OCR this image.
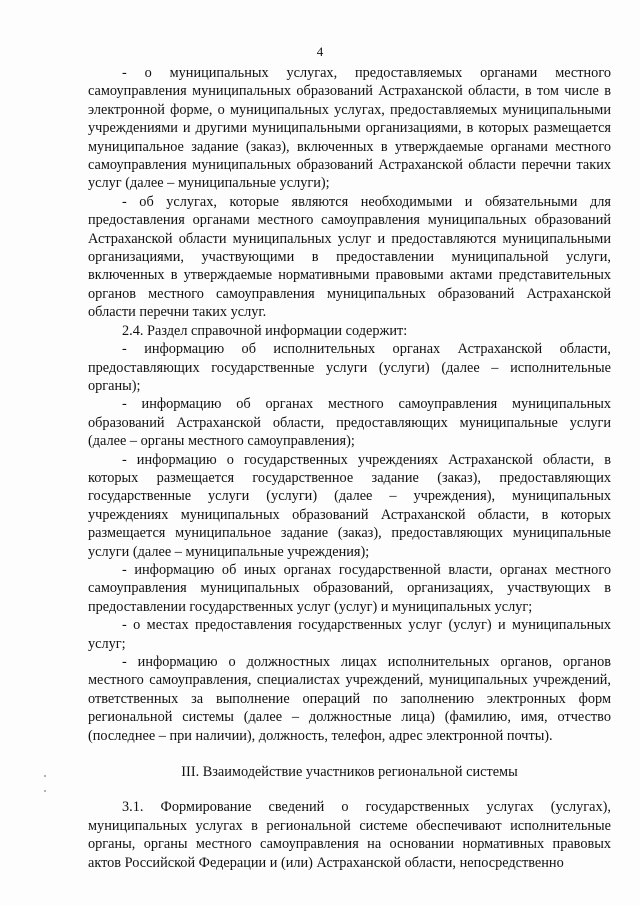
4

- о муниципальных услугах, предоставляемых органами местного самоуправления муниципальных образований Астраханской области, в том числе в электронной форме, о муниципальных услугах, предоставляемых муниципальными учреждениями и другими муниципальными организациями, в которых размещается муниципальное задание (заказ), включенных в утверждаемые органами местного самоуправления муниципальных образований Астраханской области перечни таких услуг (далее – муниципальные услуги);

- об услугах, которые являются необходимыми и обязательными для предоставления органами местного самоуправления муниципальных образований Астраханской области муниципальных услуг и предоставляются муниципальными организациями, участвующими в предоставлении муниципальной услуги, включенных в утверждаемые нормативными правовыми актами представительных органов местного самоуправления муниципальных образований Астраханской области перечни таких услуг.

2.4. Раздел справочной информации содержит:

- информацию об исполнительных органах Астраханской области, предоставляющих государственные услуги (услуги) (далее – исполнительные органы);

- информацию об органах местного самоуправления муниципальных образований Астраханской области, предоставляющих муниципальные услуги (далее – органы местного самоуправления);

- информацию о государственных учреждениях Астраханской области, в которых размещается государственное задание (заказ), предоставляющих государственные услуги (услуги) (далее – учреждения), муниципальных учреждениях муниципальных образований Астраханской области, в которых размещается муниципальное задание (заказ), предоставляющих муниципальные услуги (далее – муниципальные учреждения);

- информацию об иных органах государственной власти, органах местного самоуправления муниципальных образований, организациях, участвующих в предоставлении государственных услуг (услуг) и муниципальных услуг;

- о местах предоставления государственных услуг (услуг) и муниципальных услуг;

- информацию о должностных лицах исполнительных органов, органов местного самоуправления, специалистах учреждений, муниципальных учреждений, ответственных за выполнение операций по заполнению электронных форм региональной системы (далее – должностные лица) (фамилию, имя, отчество (последнее – при наличии), должность, телефон, адрес электронной почты).

III. Взаимодействие участников региональной системы

3.1. Формирование сведений о государственных услугах (услугах), муниципальных услугах в региональной системе обеспечивают исполнительные органы, органы местного самоуправления на основании нормативных правовых актов Российской Федерации и (или) Астраханской области, непосредственно
